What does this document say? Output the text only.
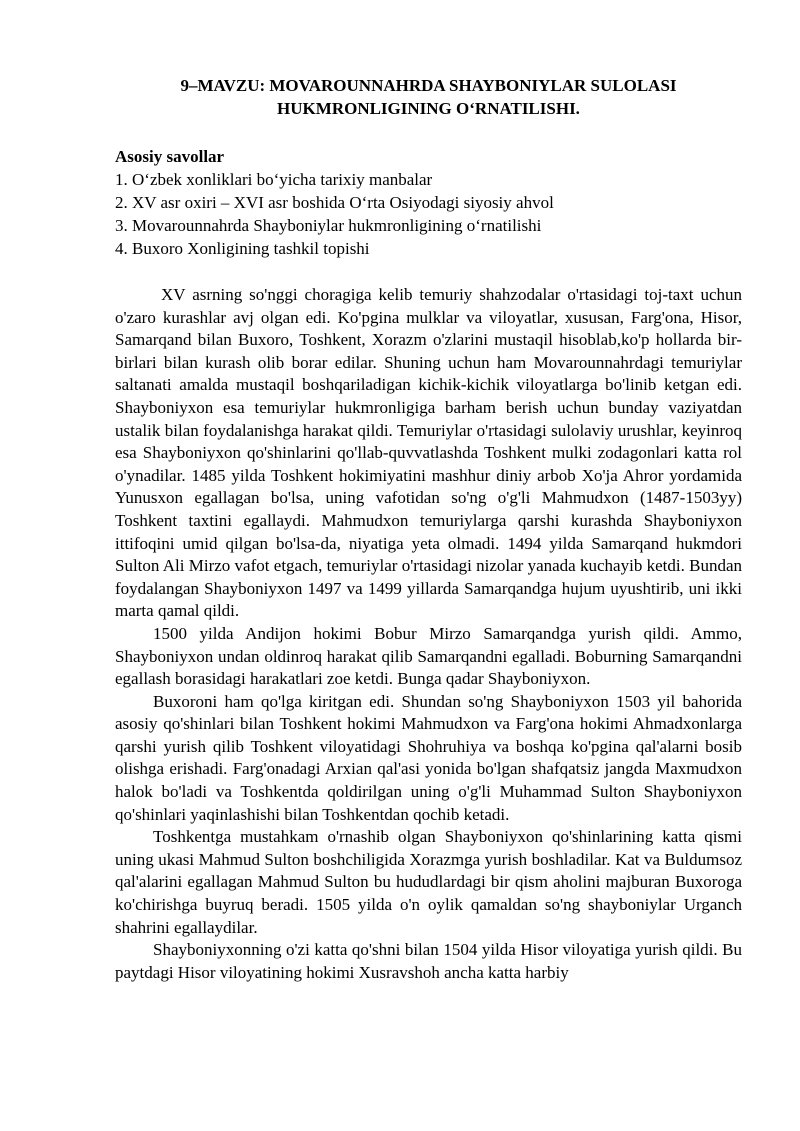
9–MAVZU: MOVAROUNNAHRDA SHAYBONIYLAR SULOLASI
HUKMRONLIGINING O‘RNATILISHI.
Asosiy savollar
1. O‘zbek xonliklari bo‘yicha tarixiy manbalar
2. XV asr oxiri – XVI asr boshida O‘rta Osiyodagi siyosiy ahvol
3. Movarounnahrda Shayboniylar hukmronligining o‘rnatilishi
4. Buxoro Xonligining tashkil topishi

XV asrning so'nggi choragiga kelib temuriy shahzodalar o'rtasidagi toj-taxt uchun o'zaro kurashlar avj olgan edi. Ko'pgina mulklar va viloyatlar, xususan, Farg'ona, Hisor, Samarqand bilan Buxoro, Toshkent, Xorazm o'zlarini mustaqil hisoblab,ko'p hollarda bir-birlari bilan kurash olib borar edilar. Shuning uchun ham Movarounnahrdagi temuriylar saltanati amalda mustaqil boshqariladigan kichik-kichik viloyatlarga bo'linib ketgan edi. Shayboniyxon esa temuriylar hukmronligiga barham berish uchun bunday vaziyatdan ustalik bilan foydalanishga harakat qildi. Temuriylar o'rtasidagi sulolaviy urushlar, keyinroq esa Shayboniyxon qo'shinlarini qo'llab-quvvatlashda Toshkent mulki zodagonlari katta rol o'ynadilar. 1485 yilda Toshkent hokimiyatini mashhur diniy arbob Xo'ja Ahror yordamida Yunusxon egallagan bo'lsa, uning vafotidan so'ng o'g'li Mahmudxon (1487-1503yy) Toshkent taxtini egallaydi. Mahmudxon temuriylarga qarshi kurashda Shayboniyxon ittifoqini umid qilgan bo'lsa-da, niyatiga yeta olmadi. 1494 yilda Samarqand hukmdori Sulton Ali Mirzo vafot etgach, temuriylar o'rtasidagi nizolar yanada kuchayib ketdi. Bundan foydalangan Shayboniyxon 1497 va 1499 yillarda Samarqandga hujum uyushtirib, uni ikki marta qamal qildi.

1500 yilda Andijon hokimi Bobur Mirzo Samarqandga yurish qildi. Ammo, Shayboniyxon undan oldinroq harakat qilib Samarqandni egalladi. Boburning Samarqandni egallash borasidagi harakatlari zoe ketdi. Bunga qadar Shayboniyxon.

Buxoroni ham qo'lga kiritgan edi. Shundan so'ng Shayboniyxon 1503 yil bahorida asosiy qo'shinlari bilan Toshkent hokimi Mahmudxon va Farg'ona hokimi Ahmadxonlarga qarshi yurish qilib Toshkent viloyatidagi Shohruhiya va boshqa ko'pgina qal'alarni bosib olishga erishadi. Farg'onadagi Arxian qal'asi yonida bo'lgan shafqatsiz jangda Maxmudxon halok bo'ladi va Toshkentda qoldirilgan uning o'g'li Muhammad Sulton Shayboniyxon qo'shinlari yaqinlashishi bilan Toshkentdan qochib ketadi.

Toshkentga mustahkam o'rnashib olgan Shayboniyxon qo'shinlarining katta qismi uning ukasi Mahmud Sulton boshchiligida Xorazmga yurish boshladilar. Kat va Buldumsoz qal'alarini egallagan Mahmud Sulton bu hududlardagi bir qism aholini majburan Buxoroga ko'chirishga buyruq beradi. 1505 yilda o'n oylik qamaldan so'ng shayboniylar Urganch shahrini egallaydilar.

Shayboniyxonning o'zi katta qo'shni bilan 1504 yilda Hisor viloyatiga yurish qildi. Bu paytdagi Hisor viloyatining hokimi Xusravshoh ancha katta harbiy
